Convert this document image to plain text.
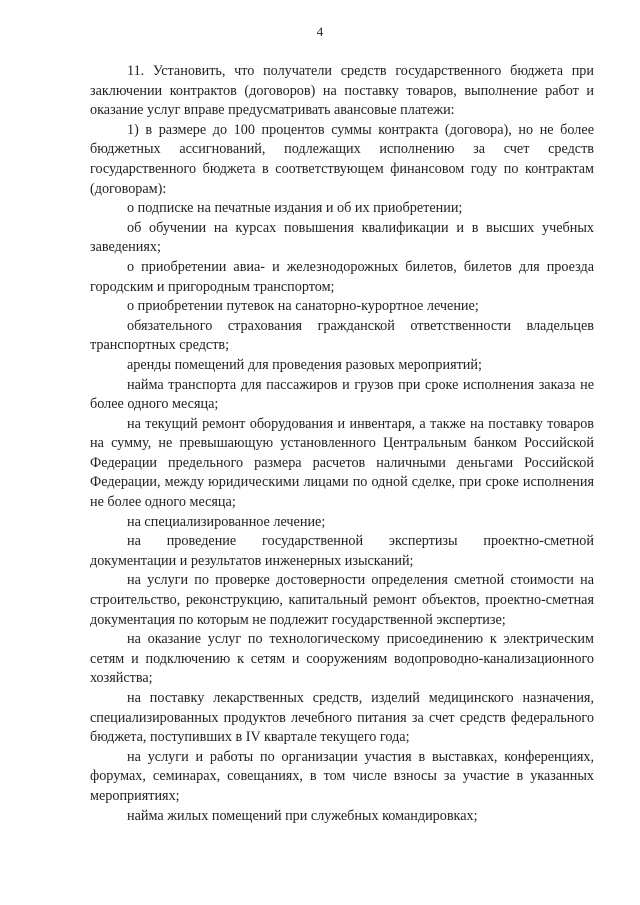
4

11. Установить, что получатели средств государственного бюджета при заключении контрактов (договоров) на поставку товаров, выполнение работ и оказание услуг вправе предусматривать авансовые платежи:

1) в размере до 100 процентов суммы контракта (договора), но не более бюджетных ассигнований, подлежащих исполнению за счет средств государственного бюджета в соответствующем финансовом году по контрактам (договорам):

о подписке на печатные издания и об их приобретении;

об обучении на курсах повышения квалификации и в высших учебных заведениях;

о приобретении авиа- и железнодорожных билетов, билетов для проезда городским и пригородным транспортом;

о приобретении путевок на санаторно-курортное лечение;

обязательного страхования гражданской ответственности владельцев транспортных средств;

аренды помещений для проведения разовых мероприятий;

найма транспорта для пассажиров и грузов при сроке исполнения заказа не более одного месяца;

на текущий ремонт оборудования и инвентаря, а также на поставку товаров на сумму, не превышающую установленного Центральным банком Российской Федерации предельного размера расчетов наличными деньгами Российской Федерации, между юридическими лицами по одной сделке, при сроке исполнения не более одного месяца;

на специализированное лечение;

на проведение государственной экспертизы проектно-сметной документации и результатов инженерных изысканий;

на услуги по проверке достоверности определения сметной стоимости на строительство, реконструкцию, капитальный ремонт объектов, проектно-сметная документация по которым не подлежит государственной экспертизе;

на оказание услуг по технологическому присоединению к электрическим сетям и подключению к сетям и сооружениям водопроводно-канализационного хозяйства;

на поставку лекарственных средств, изделий медицинского назначения, специализированных продуктов лечебного питания за счет средств федерального бюджета, поступивших в IV квартале текущего года;

на услуги и работы по организации участия в выставках, конференциях, форумах, семинарах, совещаниях, в том числе взносы за участие в указанных мероприятиях;

найма жилых помещений при служебных командировках;
